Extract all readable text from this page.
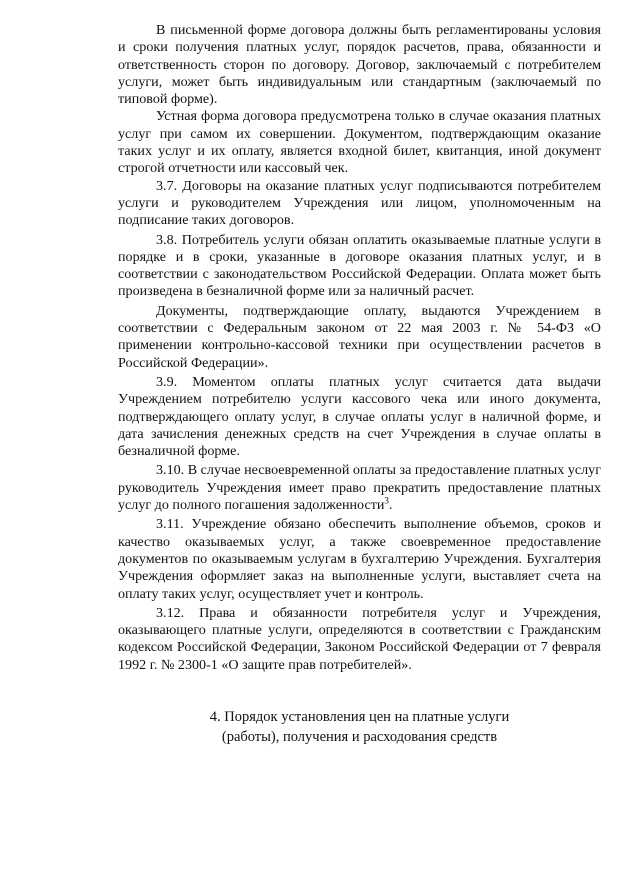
В письменной форме договора должны быть регламентированы условия и сроки получения платных услуг, порядок расчетов, права, обязанности и ответственность сторон по договору. Договор, заключаемый с потребителем услуги, может быть индивидуальным или стандартным (заключаемый по типовой форме).

Устная форма договора предусмотрена только в случае оказания платных услуг при самом их совершении. Документом, подтверждающим оказание таких услуг и их оплату, является входной билет, квитанция, иной документ строгой отчетности или кассовый чек.

3.7. Договоры на оказание платных услуг подписываются потребителем услуги и руководителем Учреждения или лицом, уполномоченным на подписание таких договоров.

3.8. Потребитель услуги обязан оплатить оказываемые платные услуги в порядке и в сроки, указанные в договоре оказания платных услуг, и в соответствии с законодательством Российской Федерации. Оплата может быть произведена в безналичной форме или за наличный расчет.

Документы, подтверждающие оплату, выдаются Учреждением в соответствии с Федеральным законом от 22 мая 2003 г. № 54-ФЗ «О применении контрольно-кассовой техники при осуществлении расчетов в Российской Федерации».

3.9. Моментом оплаты платных услуг считается дата выдачи Учреждением потребителю услуги кассового чека или иного документа, подтверждающего оплату услуг, в случае оплаты услуг в наличной форме, и дата зачисления денежных средств на счет Учреждения в случае оплаты в безналичной форме.

3.10. В случае несвоевременной оплаты за предоставление платных услуг руководитель Учреждения имеет право прекратить предоставление платных услуг до полного погашения задолженности$^3$.

3.11. Учреждение обязано обеспечить выполнение объемов, сроков и качество оказываемых услуг, а также своевременное предоставление документов по оказываемым услугам в бухгалтерию Учреждения. Бухгалтерия Учреждения оформляет заказ на выполненные услуги, выставляет счета на оплату таких услуг, осуществляет учет и контроль.

3.12. Права и обязанности потребителя услуг и Учреждения, оказывающего платные услуги, определяются в соответствии с Гражданским кодексом Российской Федерации, Законом Российской Федерации от 7 февраля 1992 г. № 2300-1 «О защите прав потребителей».

4. Порядок установления цен на платные услуги
(работы), получения и расходования средств
